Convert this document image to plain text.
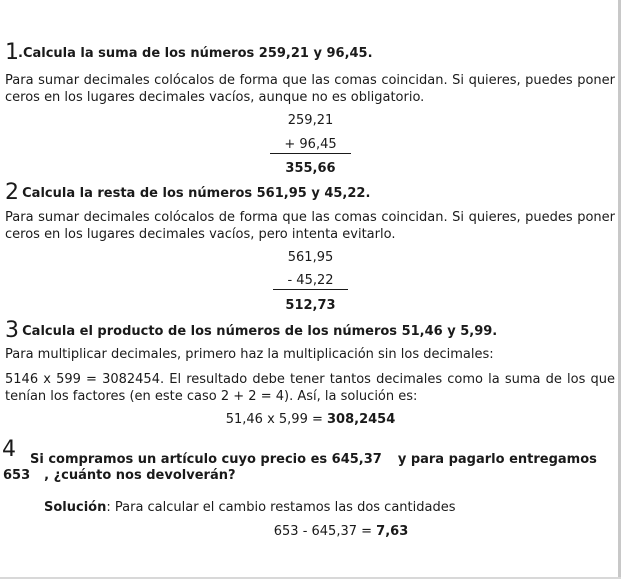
1.Calcula la suma de los números 259,21 y 96,45.
Para sumar decimales colócalos de forma que las comas coincidan. Si quieres, puedes poner ceros en los lugares decimales vacíos, aunque no es obligatorio.
259,21
+ 96,45
355,66
2 Calcula la resta de los números 561,95 y 45,22.
Para sumar decimales colócalos de forma que las comas coincidan. Si quieres, puedes poner ceros en los lugares decimales vacíos, pero intenta evitarlo.
561,95
- 45,22
512,73
3 Calcula el producto de los números de los números 51,46 y 5,99.
Para multiplicar decimales, primero haz la multiplicación sin los decimales:
5146 x 599 = 3082454. El resultado debe tener tantos decimales como la suma de los que tenían los factores (en este caso 2 + 2 = 4). Así, la solución es:
51,46 x 5,99 = 308,2454
4 Si compramos un artículo cuyo precio es 645,37 y para pagarlo entregamos
653 , ¿cuánto nos devolverán?
Solución: Para calcular el cambio restamos las dos cantidades
653 - 645,37 = 7,63
